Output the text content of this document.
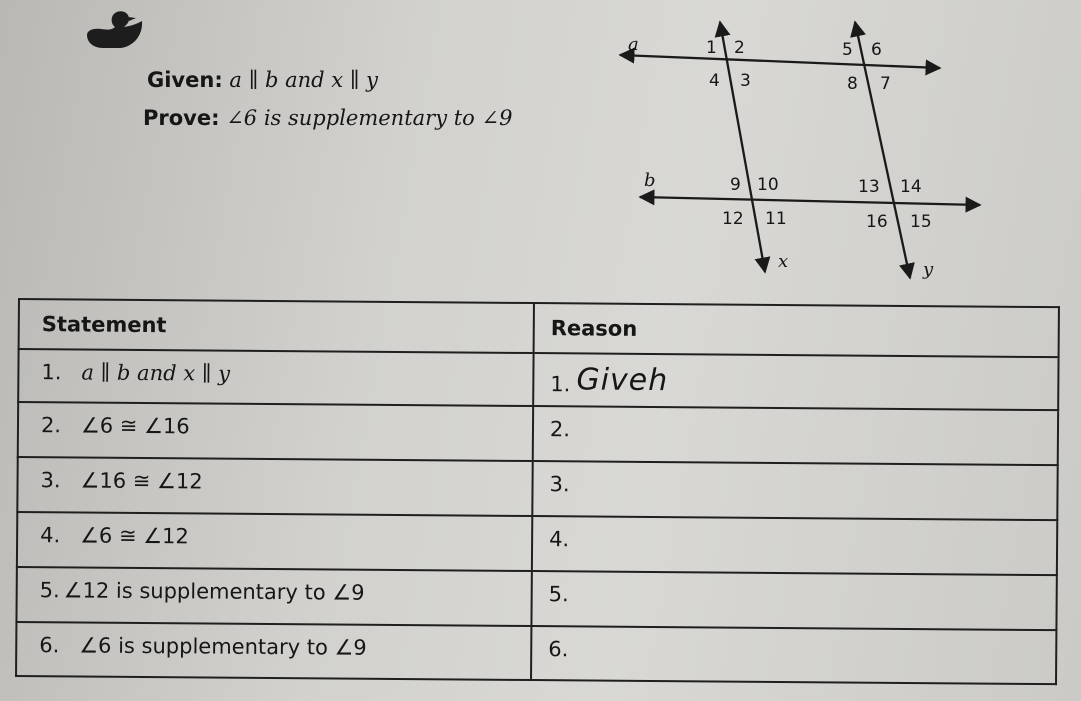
Given: a ∥ b and x ∥ y
Prove: ∠6 is supplementary to ∠9
a
b
x	y
1 2
4 3
5 6
8 7
9 10
12 11
13 14
16 15
Statement	Reason
1. a ∥ b and x ∥ y	1. Giveh
2. ∠6 ≅ ∠16	2.
3. ∠16 ≅ ∠12	3.
4. ∠6 ≅ ∠12	4.
5. ∠12 is supplementary to ∠9	5.
6. ∠6 is supplementary to ∠9	6.
